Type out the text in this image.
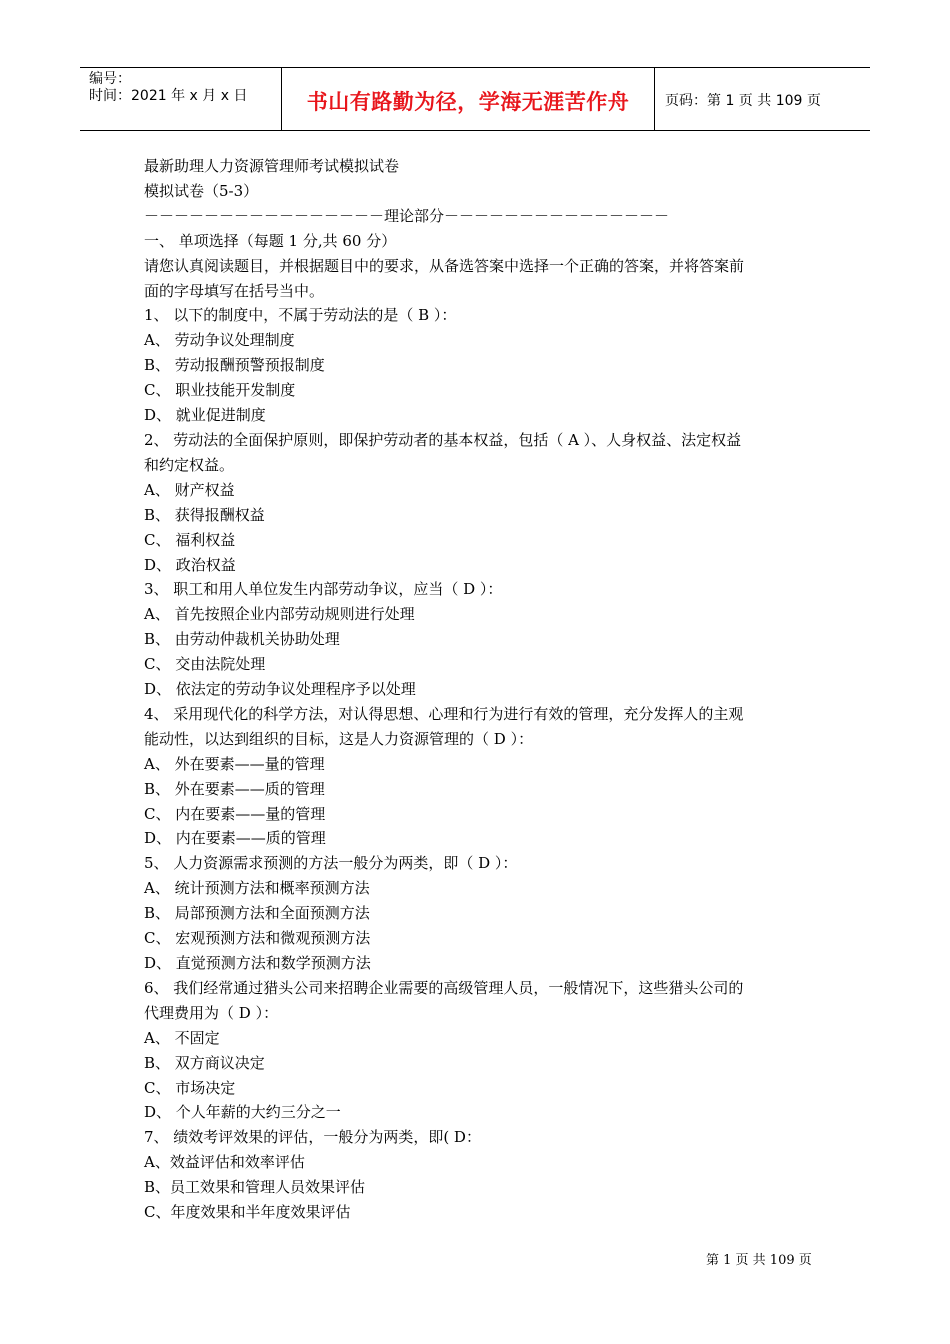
编号：
时间：2021 年 x 月 x 日	书山有路勤为径，学海无涯苦作舟	页码：第 1 页 共 109 页
最新助理人力资源管理师考试模拟试卷
模拟试卷（5-3）
－－－－－－－－－－－－－－－－理论部分－－－－－－－－－－－－－－－
一、 单项选择（每题 1 分,共 60 分）
请您认真阅读题目，并根据题目中的要求，从备选答案中选择一个正确的答案，并将答案前
面的字母填写在括号当中。
1、 以下的制度中，不属于劳动法的是（ B ）：
A、 劳动争议处理制度
B、 劳动报酬预警预报制度
C、 职业技能开发制度
D、 就业促进制度
2、 劳动法的全面保护原则，即保护劳动者的基本权益，包括（ A ）、人身权益、法定权益
和约定权益。
A、 财产权益
B、 获得报酬权益
C、 福利权益
D、 政治权益
3、 职工和用人单位发生内部劳动争议，应当（ D ）：
A、 首先按照企业内部劳动规则进行处理
B、 由劳动仲裁机关协助处理
C、 交由法院处理
D、 依法定的劳动争议处理程序予以处理
4、 采用现代化的科学方法，对认得思想、心理和行为进行有效的管理，充分发挥人的主观
能动性，以达到组织的目标，这是人力资源管理的（ D ）：
A、 外在要素——量的管理
B、 外在要素——质的管理
C、 内在要素——量的管理
D、 内在要素——质的管理
5、 人力资源需求预测的方法一般分为两类，即（ D ）：
A、 统计预测方法和概率预测方法
B、 局部预测方法和全面预测方法
C、 宏观预测方法和微观预测方法
D、 直觉预测方法和数学预测方法
6、 我们经常通过猎头公司来招聘企业需要的高级管理人员，一般情况下，这些猎头公司的
代理费用为（ D ）：
A、 不固定
B、 双方商议决定
C、 市场决定
D、 个人年薪的大约三分之一
7、 绩效考评效果的评估，一般分为两类，即( D：
A、效益评估和效率评估
B、员工效果和管理人员效果评估
C、年度效果和半年度效果评估
第 1 页 共 109 页
